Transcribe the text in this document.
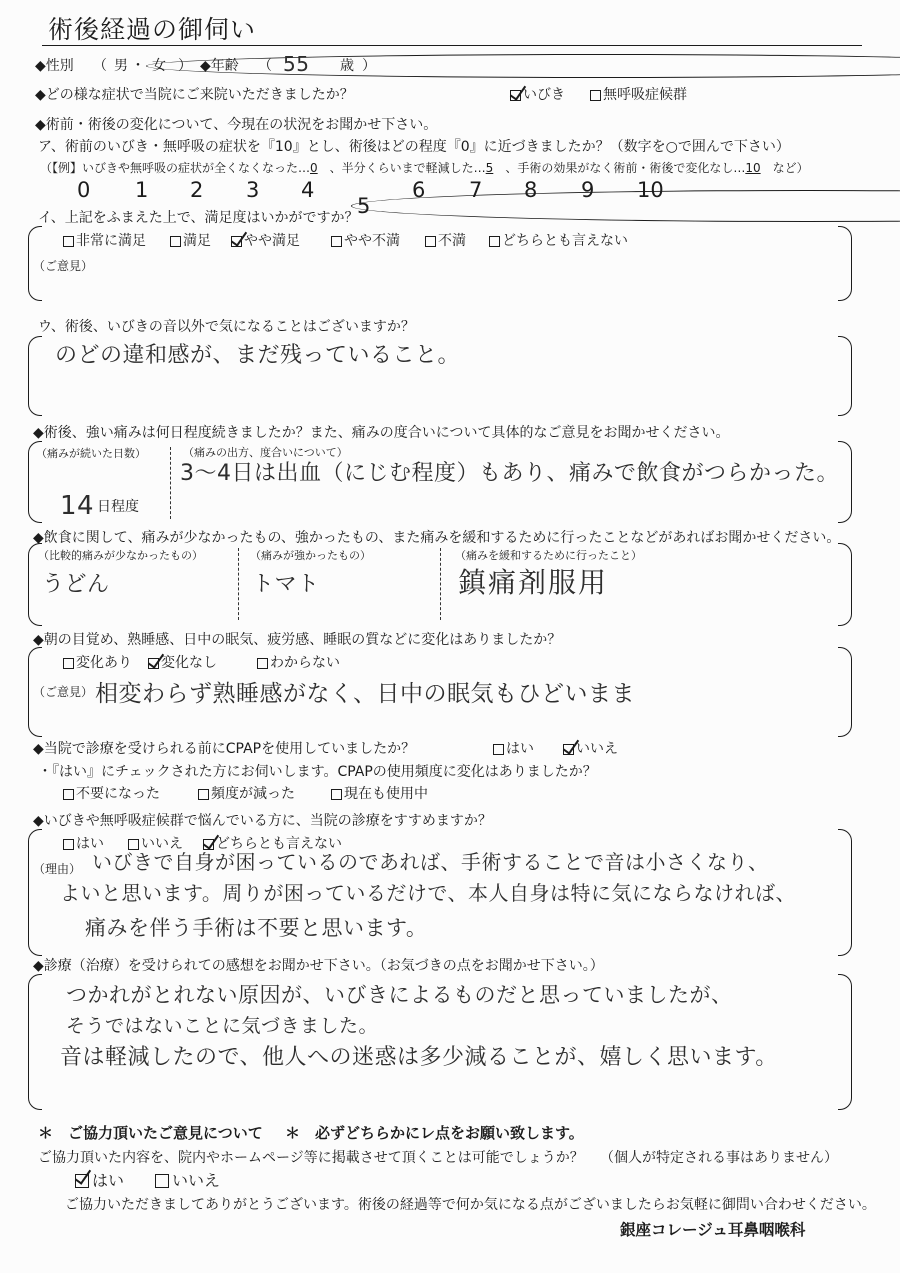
術後経過の御伺い
◆性別 （ 男 ・ 女 ） ◆年齢 （ 55 歳 ）
◆どの様な症状で当院にご来院いただきましたか？	いびき	無呼吸症候群
◆術前・術後の変化について、今現在の状況をお聞かせ下さい。
ア、術前のいびき・無呼吸の症状を『10』とし、術後はどの程度『0』に近づきましたか？（数字を○で囲んで下さい）
（【例】いびきや無呼吸の症状が全くなくなった…0　、半分くらいまで軽減した…5　、手術の効果がなく術前・術後で変化なし…10　など）
0 1 2 3 4
5
6 7 8 9 10
イ、上記をふまえた上で、満足度はいかがですか？
非常に満足	満足 やや満足	やや不満	不満	どちらとも言えない
（ご意見）
ウ、術後、いびきの音以外で気になることはございますか？
のどの違和感が、まだ残っていること。
◆術後、強い痛みは何日程度続きましたか？また、痛みの度合いについて具体的なご意見をお聞かせください。
（痛みが続いた日数）	（痛みの出方、度合いについて）
3〜4日は出血（にじむ程度）もあり、痛みで飲食がつらかった。
14 日程度
◆飲食に関して、痛みが少なかったもの、強かったもの、また痛みを緩和するために行ったことなどがあればお聞かせください。
（比較的痛みが少なかったもの）	（痛みが強かったもの）	（痛みを緩和するために行ったこと）
うどん	トマト	鎮痛剤服用
◆朝の目覚め、熟睡感、日中の眠気、疲労感、睡眠の質などに変化はありましたか？
変化あり 変化なし	わからない
（ご意見） 相変わらず熟睡感がなく、日中の眠気もひどいまま
◆当院で診療を受けられる前にCPAPを使用していましたか？	はい	いいえ
・『はい』にチェックされた方にお伺いします。CPAPの使用頻度に変化はありましたか？
不要になった	頻度が減った	現在も使用中
◆いびきや無呼吸症候群で悩んでいる方に、当院の診療をすすめますか？
はい	いいえ どちらとも言えない
（理由） いびきで自身が困っているのであれば、手術することで音は小さくなり、
よいと思います。周りが困っているだけで、本人自身は特に気にならなければ、
痛みを伴う手術は不要と思います。
◆診療（治療）を受けられての感想をお聞かせ下さい。（お気づきの点をお聞かせ下さい。）
つかれがとれない原因が、いびきによるものだと思っていましたが、
そうではないことに気づきました。
音は軽減したので、他人への迷惑は多少減ることが、嬉しく思います。
＊　ご協力頂いたご意見について ＊　必ずどちらかにレ点をお願い致します。
ご協力頂いた内容を、院内やホームページ等に掲載させて頂くことは可能でしょうか？ （個人が特定される事はありません）
はい	いいえ
ご協力いただきましてありがとうございます。術後の経過等で何か気になる点がございましたらお気軽に御問い合わせください。
銀座コレージュ耳鼻咽喉科
